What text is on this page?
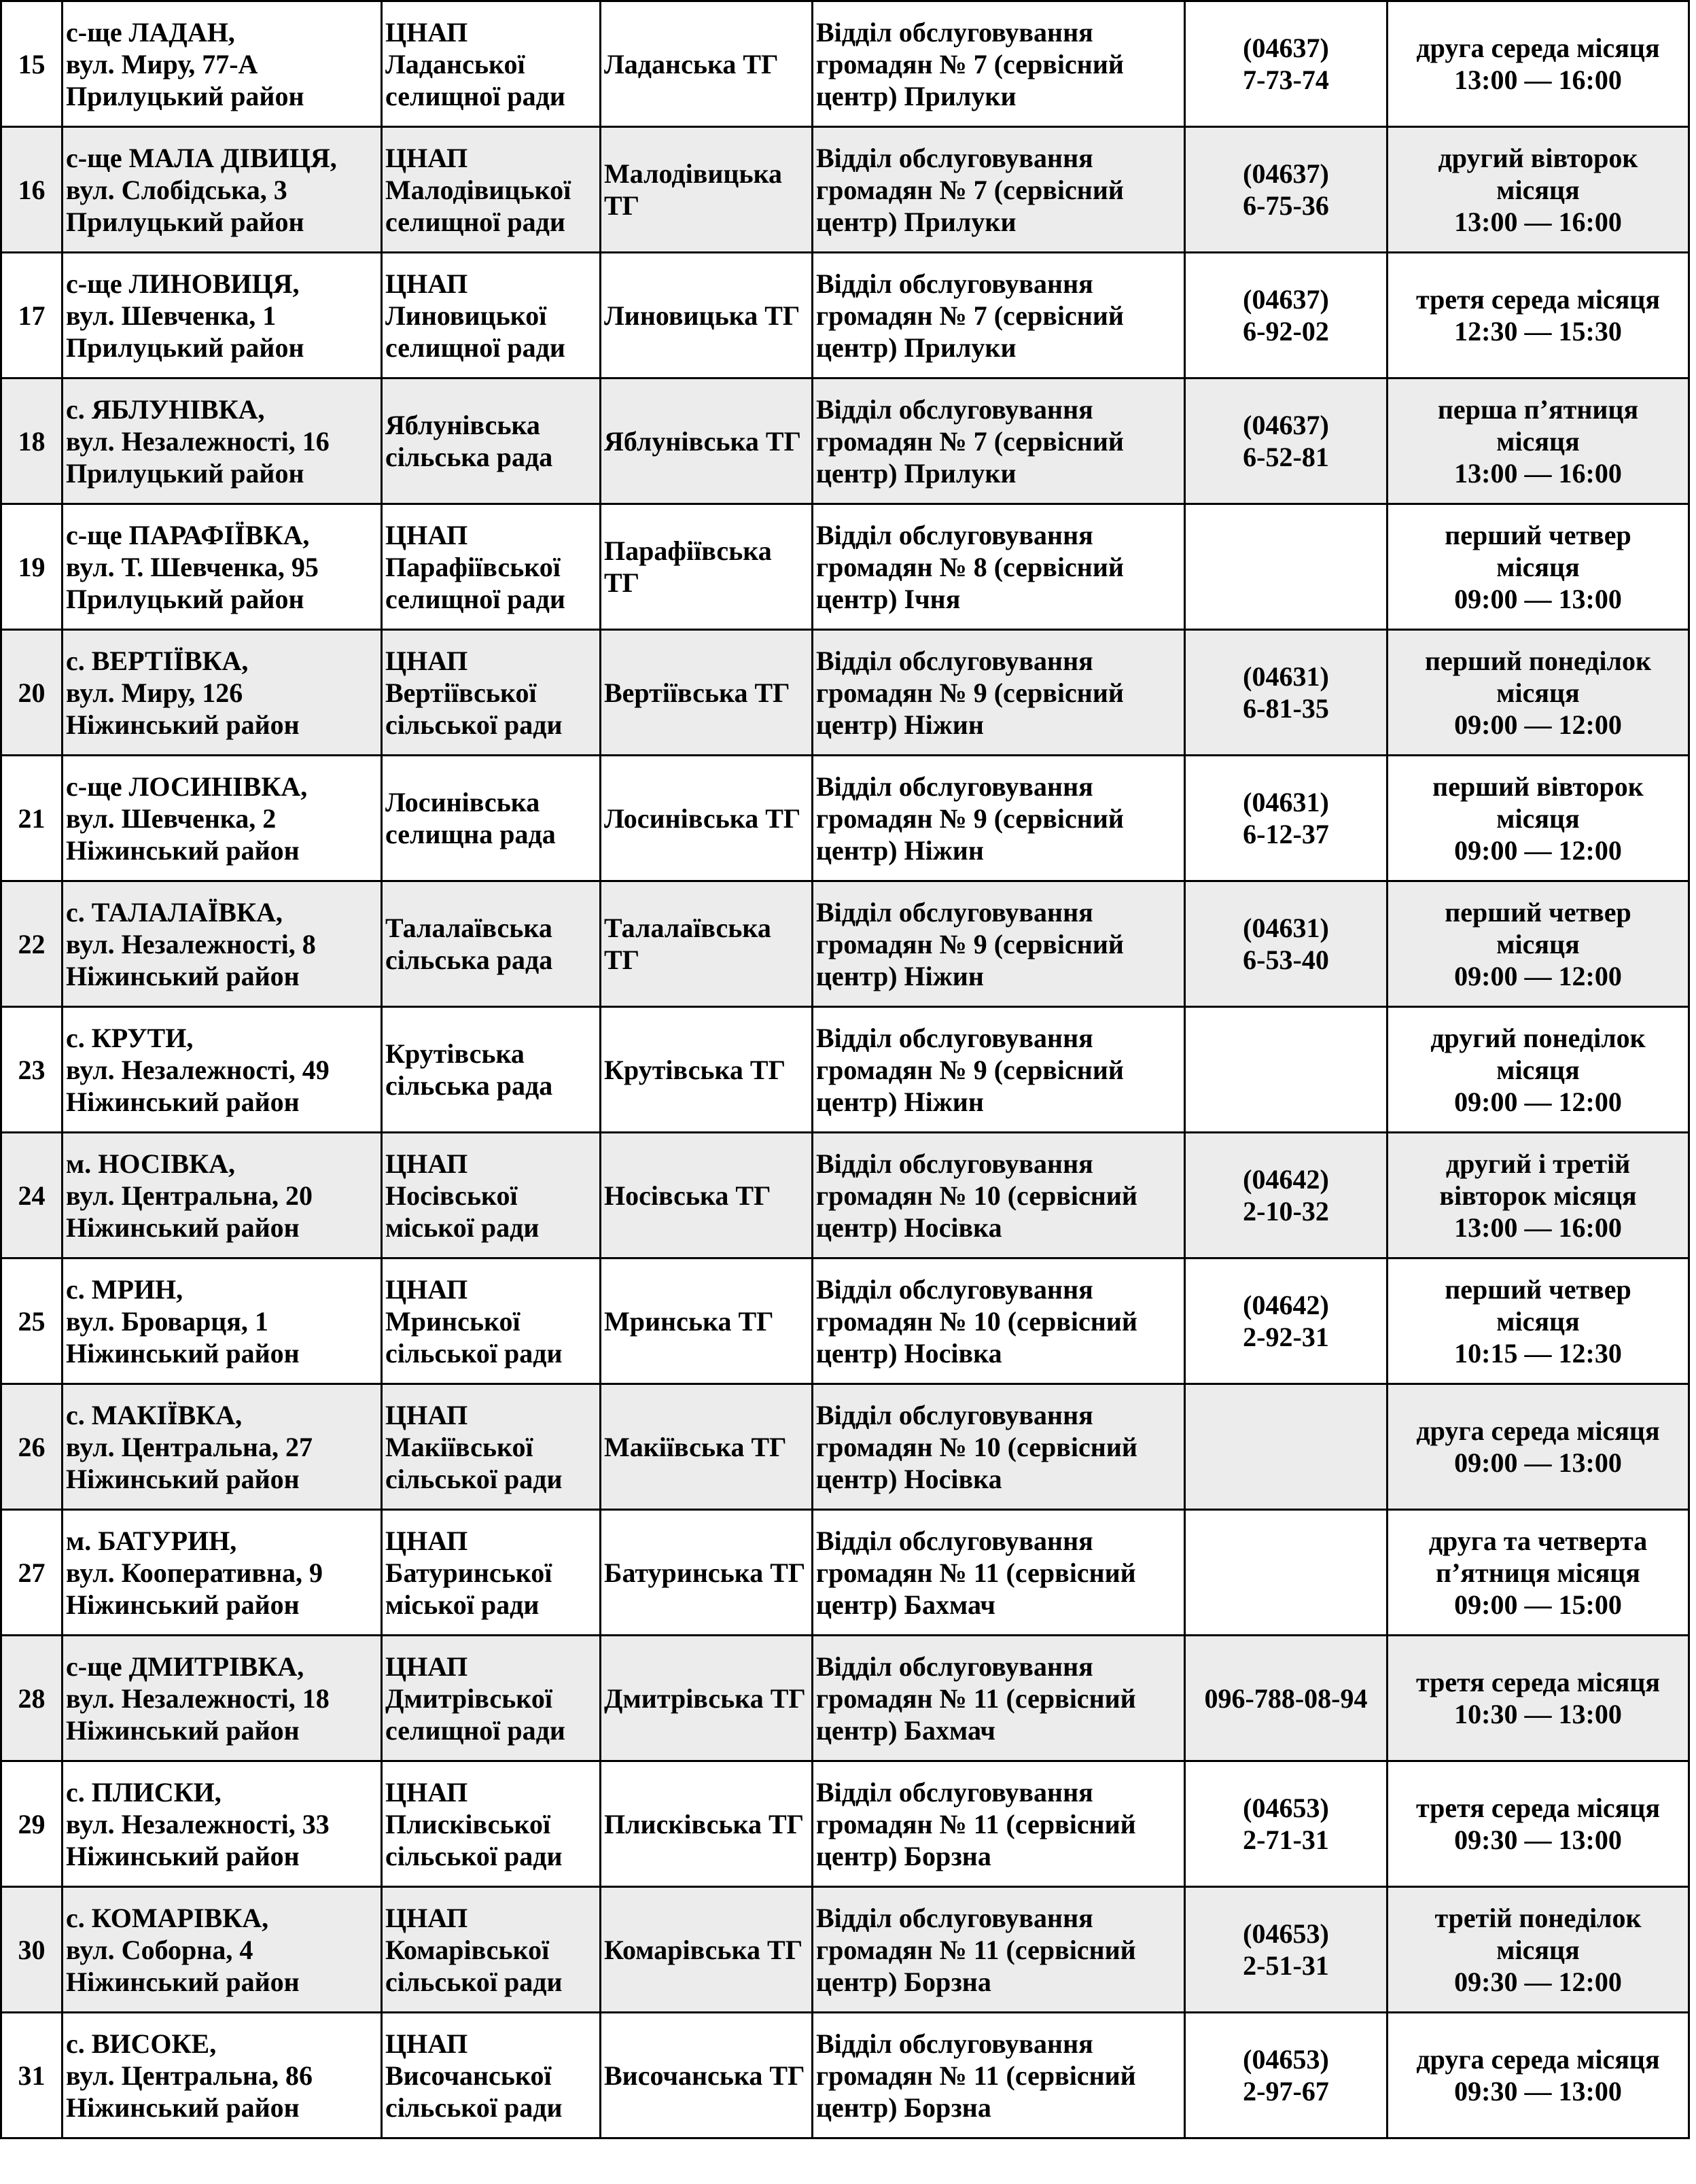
15	с-ще ЛАДАН,
вул. Миру, 77-А
Прилуцький район	ЦНАП
Ладанської
селищної ради	Ладанська ТГ	Відділ обслуговування
громадян № 7 (сервісний
центр) Прилуки	(04637)
7-73-74	друга середа місяця
13:00 — 16:00

16	с-ще МАЛА ДІВИЦЯ,
вул. Слобідська, 3
Прилуцький район	ЦНАП
Малодівицької
селищної ради	Малодівицька ТГ	Відділ обслуговування
громадян № 7 (сервісний
центр) Прилуки	(04637)
6-75-36	другий вівторок
місяця
13:00 — 16:00

17	с-ще ЛИНОВИЦЯ,
вул. Шевченка, 1
Прилуцький район	ЦНАП
Линовицької
селищної ради	Линовицька ТГ	Відділ обслуговування
громадян № 7 (сервісний
центр) Прилуки	(04637)
6-92-02	третя середа місяця
12:30 — 15:30

18	с. ЯБЛУНІВКА,
вул. Незалежності, 16
Прилуцький район	Яблунівська
сільська рада	Яблунівська ТГ	Відділ обслуговування
громадян № 7 (сервісний
центр) Прилуки	(04637)
6-52-81	перша п’ятниця
місяця
13:00 — 16:00

19	с-ще ПАРАФІЇВКА,
вул. Т. Шевченка, 95
Прилуцький район	ЦНАП
Парафіївської
селищної ради	Парафіївська ТГ	Відділ обслуговування
громадян № 8 (сервісний
центр) Ічня		перший четвер
місяця
09:00 — 13:00

20	с. ВЕРТІЇВКА,
вул. Миру, 126
Ніжинський район	ЦНАП
Вертіївської
сільської ради	Вертіївська ТГ	Відділ обслуговування
громадян № 9 (сервісний
центр) Ніжин	(04631)
6-81-35	перший понеділок
місяця
09:00 — 12:00

21	с-ще ЛОСИНІВКА,
вул. Шевченка, 2
Ніжинський район	Лосинівська
селищна рада	Лосинівська ТГ	Відділ обслуговування
громадян № 9 (сервісний
центр) Ніжин	(04631)
6-12-37	перший вівторок
місяця
09:00 — 12:00

22	с. ТАЛАЛАЇВКА,
вул. Незалежності, 8
Ніжинський район	Талалаївська
сільська рада	Талалаївська ТГ	Відділ обслуговування
громадян № 9 (сервісний
центр) Ніжин	(04631)
6-53-40	перший четвер
місяця
09:00 — 12:00

23	с. КРУТИ,
вул. Незалежності, 49
Ніжинський район	Крутівська
сільська рада	Крутівська ТГ	Відділ обслуговування
громадян № 9 (сервісний
центр) Ніжин		другий понеділок
місяця
09:00 — 12:00

24	м. НОСІВКА,
вул. Центральна, 20
Ніжинський район	ЦНАП
Носівської
міської ради	Носівська ТГ	Відділ обслуговування
громадян № 10 (сервісний
центр) Носівка	(04642)
2-10-32	другий і третій
вівторок місяця
13:00 — 16:00

25	с. МРИН,
вул. Броварця, 1
Ніжинський район	ЦНАП
Мринської
сільської ради	Мринська ТГ	Відділ обслуговування
громадян № 10 (сервісний
центр) Носівка	(04642)
2-92-31	перший четвер
місяця
10:15 — 12:30

26	с. МАКІЇВКА,
вул. Центральна, 27
Ніжинський район	ЦНАП
Макіївської
сільської ради	Макіївська ТГ	Відділ обслуговування
громадян № 10 (сервісний
центр) Носівка		друга середа місяця
09:00 — 13:00

27	м. БАТУРИН,
вул. Кооперативна, 9
Ніжинський район	ЦНАП
Батуринської
міської ради	Батуринська ТГ	Відділ обслуговування
громадян № 11 (сервісний
центр) Бахмач		друга та четверта
п’ятниця місяця
09:00 — 15:00

28	с-ще ДМИТРІВКА,
вул. Незалежності, 18
Ніжинський район	ЦНАП
Дмитрівської
селищної ради	Дмитрівська ТГ	Відділ обслуговування
громадян № 11 (сервісний
центр) Бахмач	096-788-08-94	третя середа місяця
10:30 — 13:00

29	с. ПЛИСКИ,
вул. Незалежності, 33
Ніжинський район	ЦНАП
Плисківської
сільської ради	Плисківська ТГ	Відділ обслуговування
громадян № 11 (сервісний
центр) Борзна	(04653)
2-71-31	третя середа місяця
09:30 — 13:00

30	с. КОМАРІВКА,
вул. Соборна, 4
Ніжинський район	ЦНАП
Комарівської
сільської ради	Комарівська ТГ	Відділ обслуговування
громадян № 11 (сервісний
центр) Борзна	(04653)
2-51-31	третій понеділок
місяця
09:30 — 12:00

31	с. ВИСОКЕ,
вул. Центральна, 86
Ніжинський район	ЦНАП
Височанської
сільської ради	Височанська ТГ	Відділ обслуговування
громадян № 11 (сервісний
центр) Борзна	(04653)
2-97-67	друга середа місяця
09:30 — 13:00
